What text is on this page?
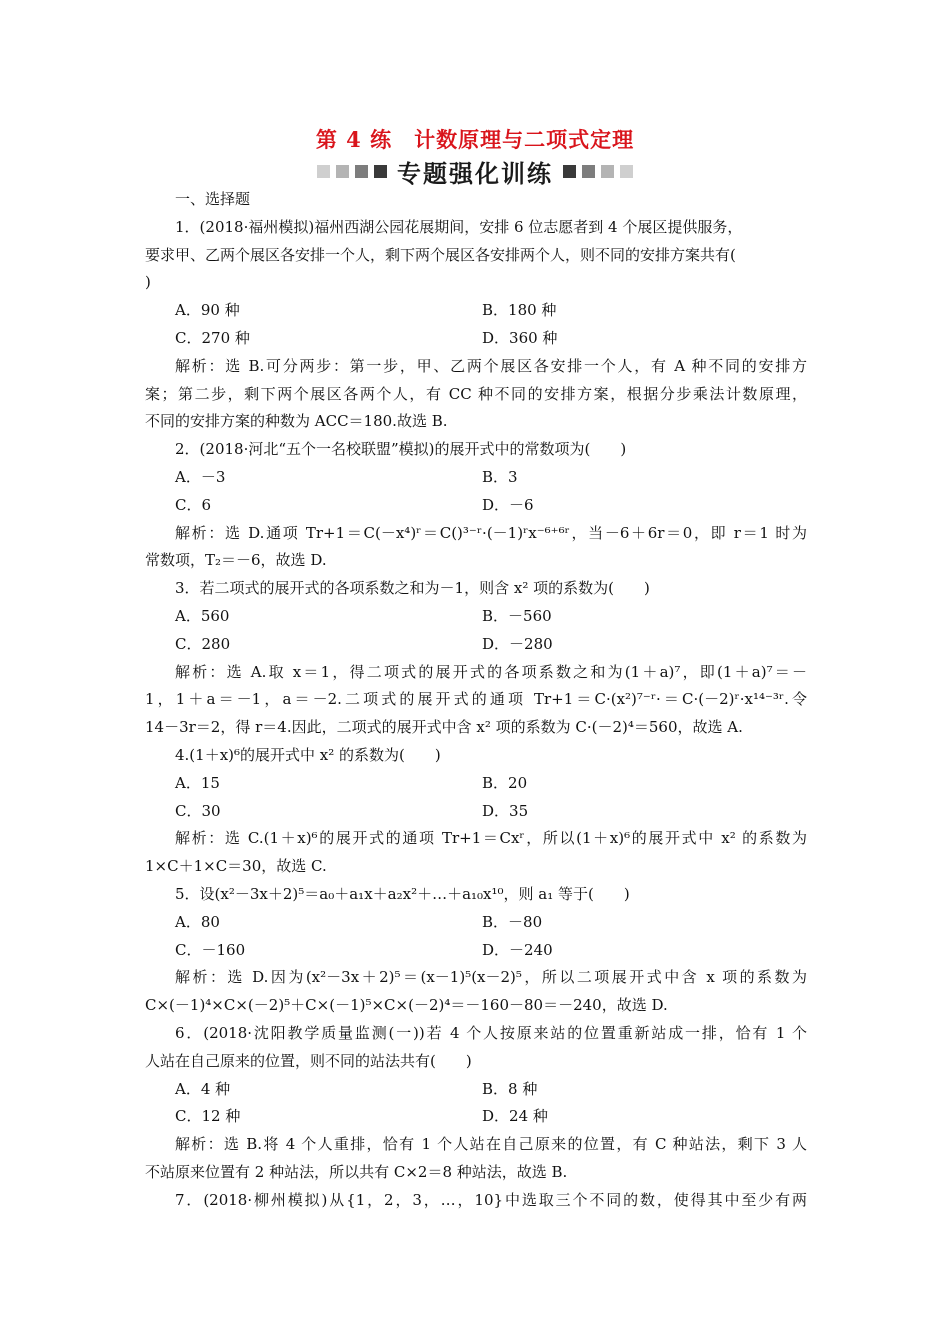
第 4 练　计数原理与二项式定理
专题强化训练
一、选择题
1．(2018·福州模拟)福州西湖公园花展期间，安排 6 位志愿者到 4 个展区提供服务，
要求甲、乙两个展区各安排一个人，剩下两个展区各安排两个人，则不同的安排方案共有(
)
A．90 种	B．180 种
C．270 种	D．360 种
解析：选 B.可分两步：第一步，甲、乙两个展区各安排一个人，有 A 种不同的安排方
案；第二步，剩下两个展区各两个人，有 CC 种不同的安排方案，根据分步乘法计数原理，
不同的安排方案的种数为 ACC＝180.故选 B.
2．(2018·河北“五个一名校联盟”模拟)的展开式中的常数项为(　　)
A．－3	B．3
C．6	D．－6
解析：选 D.通项 Tr+1＝C(－x⁴)ʳ＝C()³⁻ʳ·(－1)ʳx⁻⁶⁺⁶ʳ，当－6＋6r＝0，即 r＝1 时为
常数项，T₂＝－6，故选 D.
3．若二项式的展开式的各项系数之和为－1，则含 x² 项的系数为(　　)
A．560	B．－560
C．280	D．－280
解析：选 A.取 x＝1，得二项式的展开式的各项系数之和为(1＋a)⁷，即(1＋a)⁷＝－
1，1＋a＝－1，a＝－2.二项式的展开式的通项 Tr+1＝C·(x²)⁷⁻ʳ·＝C·(－2)ʳ·x¹⁴⁻³ʳ.令
14－3r＝2，得 r＝4.因此，二项式的展开式中含 x² 项的系数为 C·(－2)⁴＝560，故选 A.
4.(1＋x)⁶的展开式中 x² 的系数为(　　)
A．15	B．20
C．30	D．35
解析：选 C.(1＋x)⁶的展开式的通项 Tr+1＝Cxʳ，所以(1＋x)⁶的展开式中 x² 的系数为
1×C＋1×C＝30，故选 C.
5．设(x²－3x＋2)⁵＝a₀＋a₁x＋a₂x²＋…＋a₁₀x¹⁰，则 a₁ 等于(　　)
A．80	B．－80
C．－160	D．－240
解析：选 D.因为(x²－3x＋2)⁵＝(x－1)⁵(x－2)⁵，所以二项展开式中含 x 项的系数为
C×(－1)⁴×C×(－2)⁵＋C×(－1)⁵×C×(－2)⁴＝－160－80＝－240，故选 D.
6．(2018·沈阳教学质量监测(一))若 4 个人按原来站的位置重新站成一排，恰有 1 个
人站在自己原来的位置，则不同的站法共有(　　)
A．4 种	B．8 种
C．12 种	D．24 种
解析：选 B.将 4 个人重排，恰有 1 个人站在自己原来的位置，有 C 种站法，剩下 3 人
不站原来位置有 2 种站法，所以共有 C×2＝8 种站法，故选 B.
7．(2018·柳州模拟)从{1，2，3，…，10}中选取三个不同的数，使得其中至少有两
